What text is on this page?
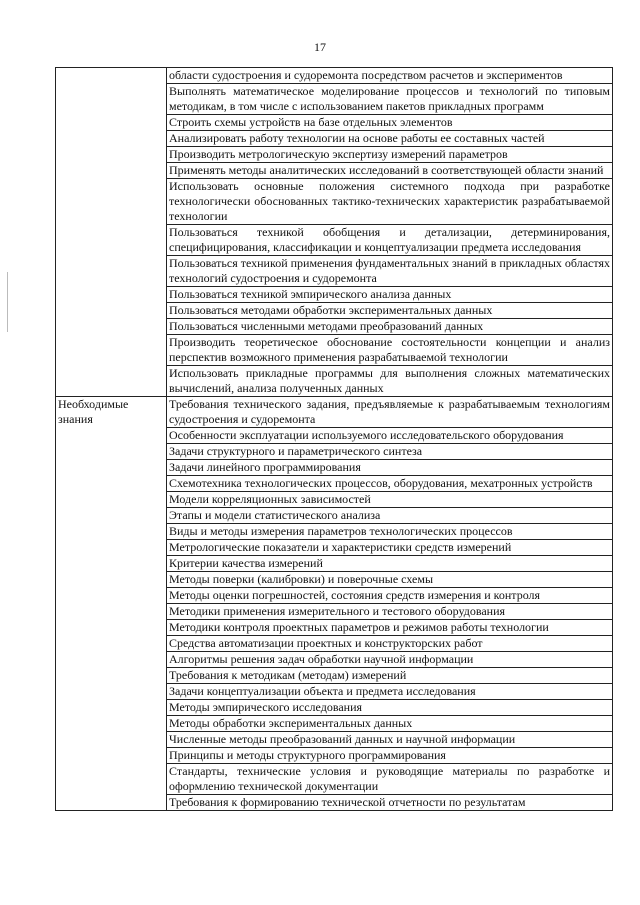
17

	области судостроения и судоремонта посредством расчетов и экспериментов

	Выполнять математическое моделирование процессов и технологий по типовым методикам, в том числе с использованием пакетов прикладных программ

	Строить схемы устройств на базе отдельных элементов

	Анализировать работу технологии на основе работы ее составных частей

	Производить метрологическую экспертизу измерений параметров

	Применять методы аналитических исследований в соответствующей области знаний

	Использовать основные положения системного подхода при разработке технологически обоснованных тактико-технических характеристик разрабатываемой технологии

	Пользоваться техникой обобщения и детализации, детерминирования, специфицирования, классификации и концептуализации предмета исследования

	Пользоваться техникой применения фундаментальных знаний в прикладных областях технологий судостроения и судоремонта

	Пользоваться техникой эмпирического анализа данных

	Пользоваться методами обработки экспериментальных данных

	Пользоваться численными методами преобразований данных

	Производить теоретическое обоснование состоятельности концепции и анализ перспектив возможного применения разрабатываемой технологии

	Использовать прикладные программы для выполнения сложных математических вычислений, анализа полученных данных

Необходимые знания	Требования технического задания, предъявляемые к разрабатываемым технологиям судостроения и судоремонта

	Особенности эксплуатации используемого исследовательского оборудования

	Задачи структурного и параметрического синтеза

	Задачи линейного программирования

	Схемотехника технологических процессов, оборудования, мехатронных устройств

	Модели корреляционных зависимостей

	Этапы и модели статистического анализа

	Виды и методы измерения параметров технологических процессов

	Метрологические показатели и характеристики средств измерений

	Критерии качества измерений

	Методы поверки (калибровки) и поверочные схемы

	Методы оценки погрешностей, состояния средств измерения и контроля

	Методики применения измерительного и тестового оборудования

	Методики контроля проектных параметров и режимов работы технологии

	Средства автоматизации проектных и конструкторских работ

	Алгоритмы решения задач обработки научной информации

	Требования к методикам (методам) измерений

	Задачи концептуализации объекта и предмета исследования

	Методы эмпирического исследования

	Методы обработки экспериментальных данных

	Численные методы преобразований данных и научной информации

	Принципы и методы структурного программирования

	Стандарты, технические условия и руководящие материалы по разработке и оформлению технической документации

	Требования к формированию технической отчетности по результатам
